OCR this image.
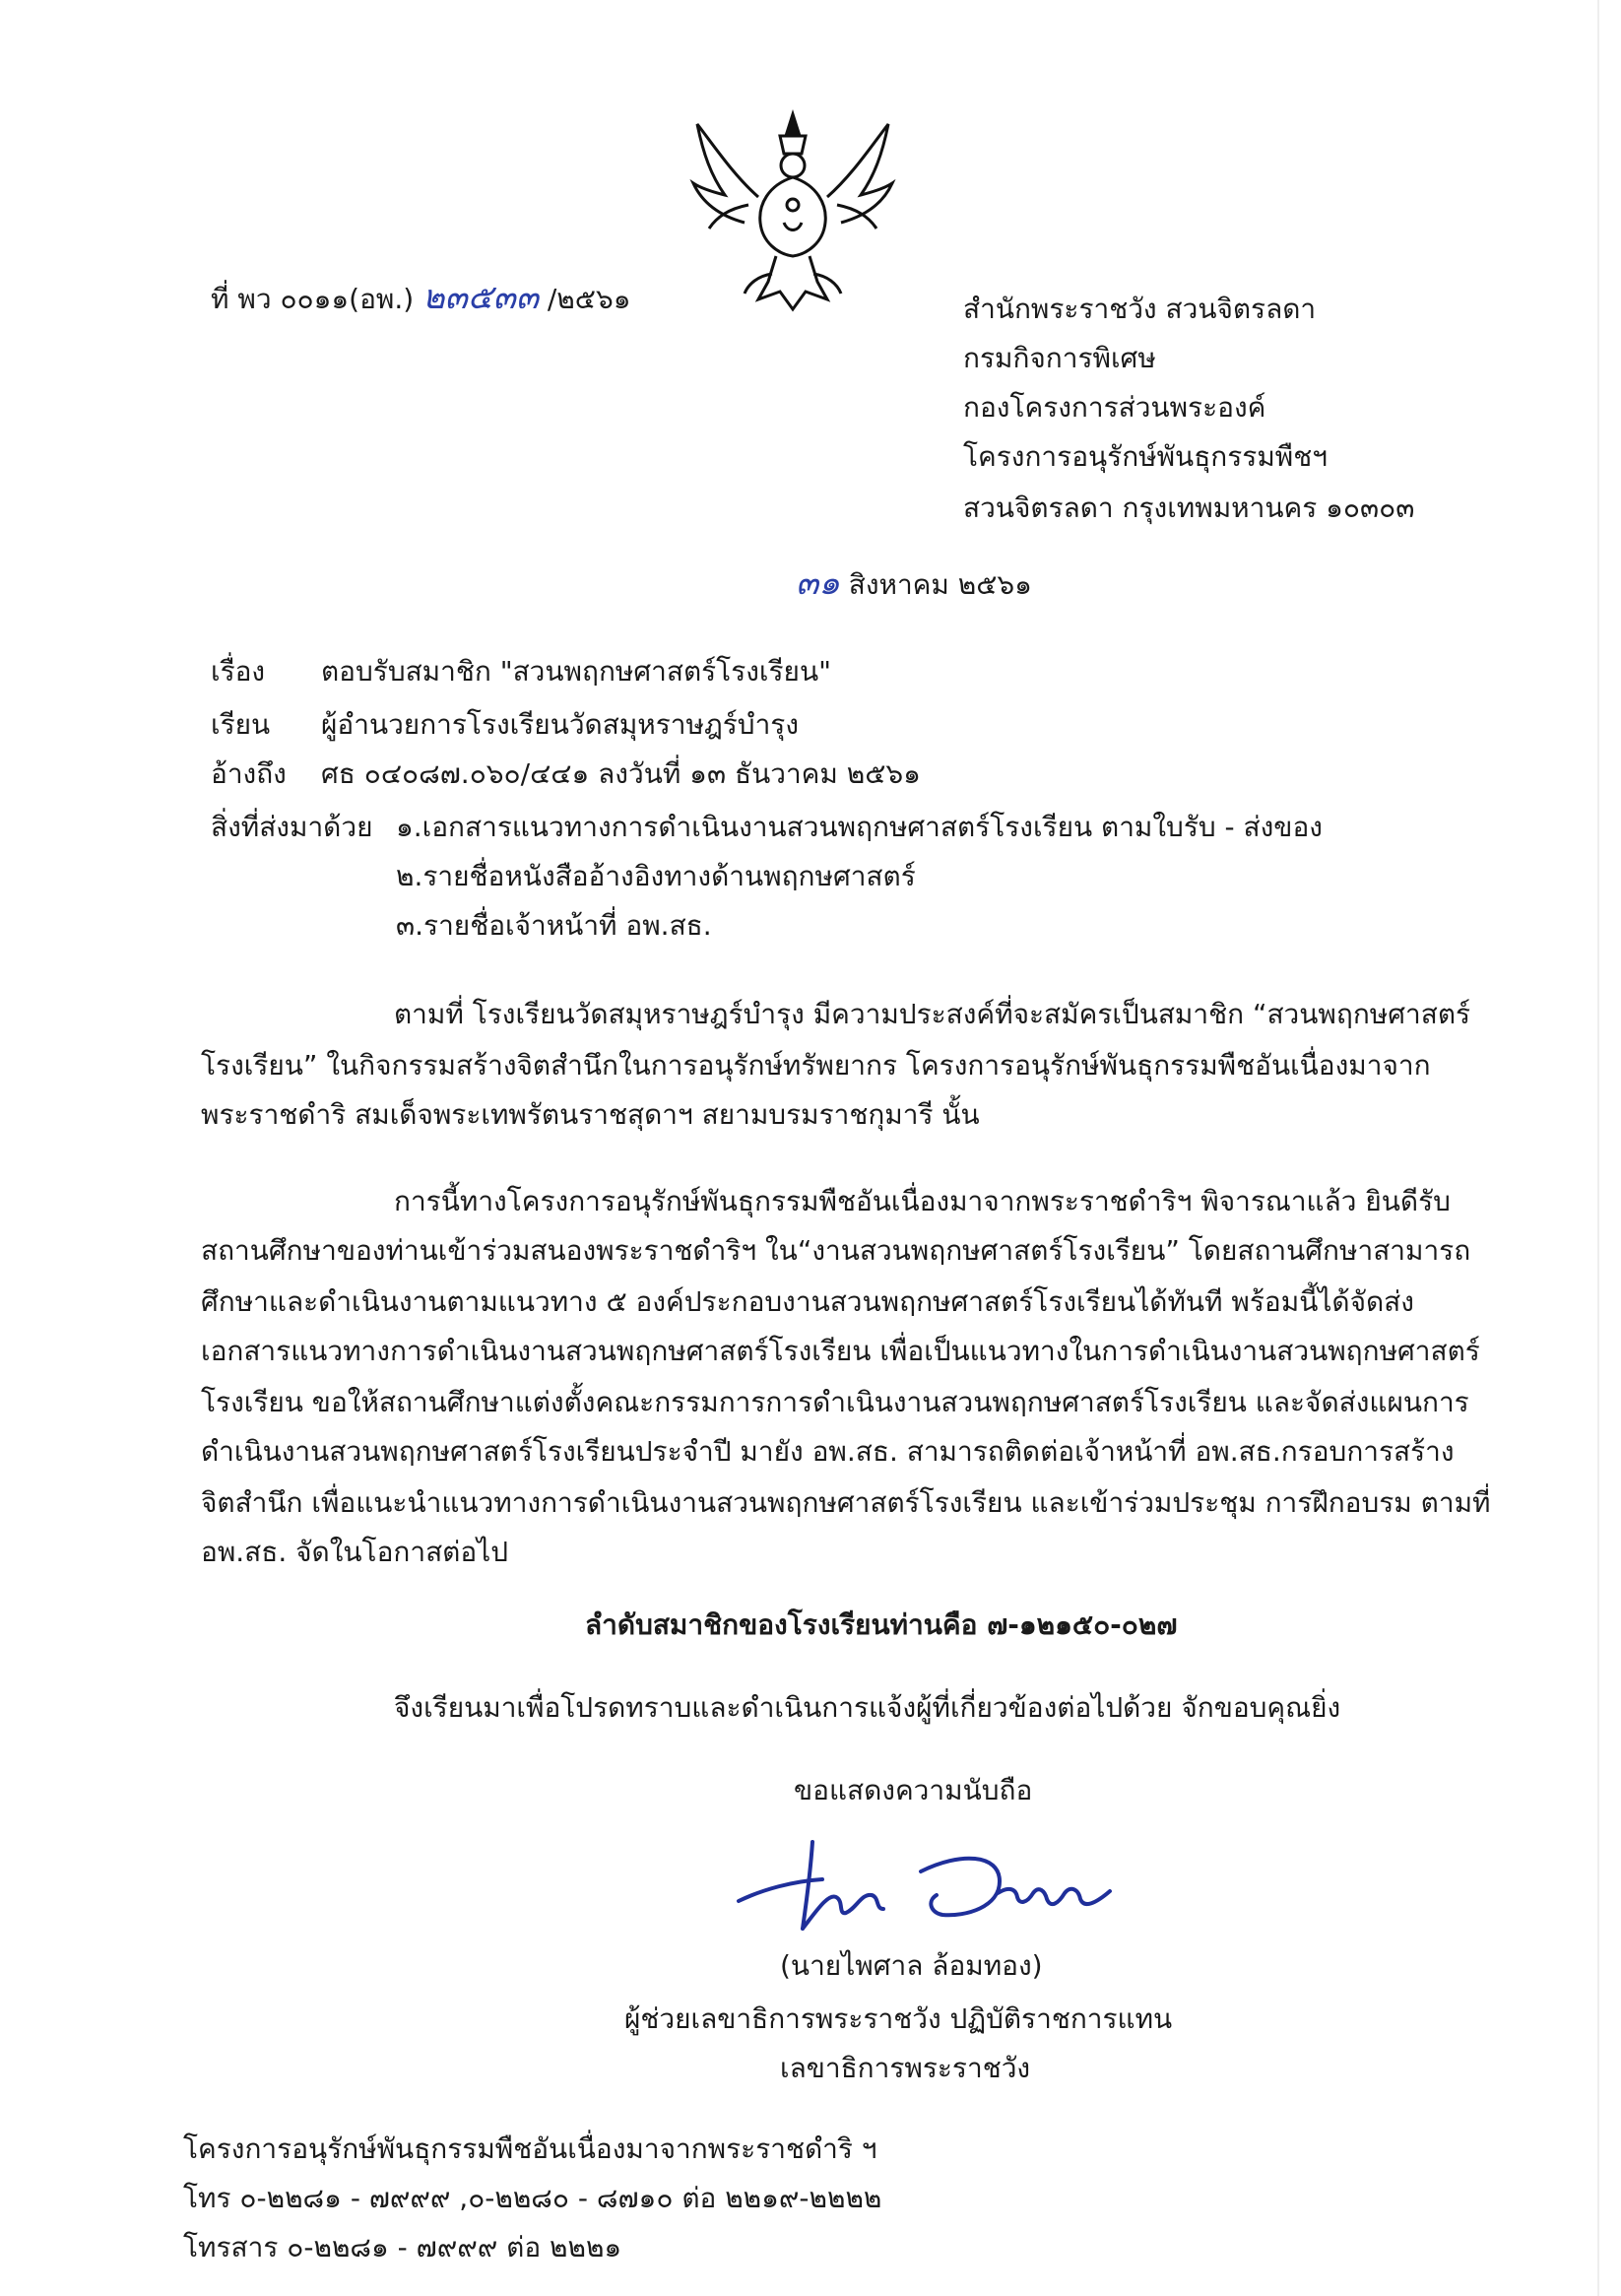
ที่ พว ๐๐๑๑(อพ.) ๒๓๕๓๓ /๒๕๖๑	สำนักพระราชวัง สวนจิตรลดา
กรมกิจการพิเศษ
กองโครงการส่วนพระองค์
โครงการอนุรักษ์พันธุกรรมพืชฯ
สวนจิตรลดา กรุงเทพมหานคร ๑๐๓๐๓
๓๑ สิงหาคม ๒๕๖๑
เรื่อง ตอบรับสมาชิก "สวนพฤกษศาสตร์โรงเรียน"
เรียน ผู้อำนวยการโรงเรียนวัดสมุหราษฎร์บำรุง
อ้างถึง ศธ ๐๔๐๘๗.๐๖๐/๔๔๑ ลงวันที่ ๑๓ ธันวาคม ๒๕๖๑
สิ่งที่ส่งมาด้วย ๑.เอกสารแนวทางการดำเนินงานสวนพฤกษศาสตร์โรงเรียน ตามใบรับ - ส่งของ
๒.รายชื่อหนังสืออ้างอิงทางด้านพฤกษศาสตร์
๓.รายชื่อเจ้าหน้าที่ อพ.สธ.
ตามที่ โรงเรียนวัดสมุหราษฎร์บำรุง มีความประสงค์ที่จะสมัครเป็นสมาชิก “สวนพฤกษศาสตร์
โรงเรียน” ในกิจกรรมสร้างจิตสำนึกในการอนุรักษ์ทรัพยากร โครงการอนุรักษ์พันธุกรรมพืชอันเนื่องมาจาก
พระราชดำริ สมเด็จพระเทพรัตนราชสุดาฯ สยามบรมราชกุมารี นั้น
การนี้ทางโครงการอนุรักษ์พันธุกรรมพืชอันเนื่องมาจากพระราชดำริฯ พิจารณาแล้ว ยินดีรับ
สถานศึกษาของท่านเข้าร่วมสนองพระราชดำริฯ ใน“งานสวนพฤกษศาสตร์โรงเรียน” โดยสถานศึกษาสามารถ
ศึกษาและดำเนินงานตามแนวทาง ๕ องค์ประกอบงานสวนพฤกษศาสตร์โรงเรียนได้ทันที พร้อมนี้ได้จัดส่ง
เอกสารแนวทางการดำเนินงานสวนพฤกษศาสตร์โรงเรียน เพื่อเป็นแนวทางในการดำเนินงานสวนพฤกษศาสตร์
โรงเรียน ขอให้สถานศึกษาแต่งตั้งคณะกรรมการการดำเนินงานสวนพฤกษศาสตร์โรงเรียน และจัดส่งแผนการ
ดำเนินงานสวนพฤกษศาสตร์โรงเรียนประจำปี มายัง อพ.สธ. สามารถติดต่อเจ้าหน้าที่ อพ.สธ.กรอบการสร้าง
จิตสำนึก เพื่อแนะนำแนวทางการดำเนินงานสวนพฤกษศาสตร์โรงเรียน และเข้าร่วมประชุม การฝึกอบรม ตามที่
อพ.สธ. จัดในโอกาสต่อไป
ลำดับสมาชิกของโรงเรียนท่านคือ ๗-๑๒๑๕๐-๐๒๗
จึงเรียนมาเพื่อโปรดทราบและดำเนินการแจ้งผู้ที่เกี่ยวข้องต่อไปด้วย จักขอบคุณยิ่ง
ขอแสดงความนับถือ
(นายไพศาล ล้อมทอง)
ผู้ช่วยเลขาธิการพระราชวัง ปฏิบัติราชการแทน
เลขาธิการพระราชวัง
โครงการอนุรักษ์พันธุกรรมพืชอันเนื่องมาจากพระราชดำริ ฯ
โทร ๐-๒๒๘๑ - ๗๙๙๙ ,๐-๒๒๘๐ - ๘๗๑๐ ต่อ ๒๒๑๙-๒๒๒๒
โทรสาร ๐-๒๒๘๑ - ๗๙๙๙ ต่อ ๒๒๒๑
